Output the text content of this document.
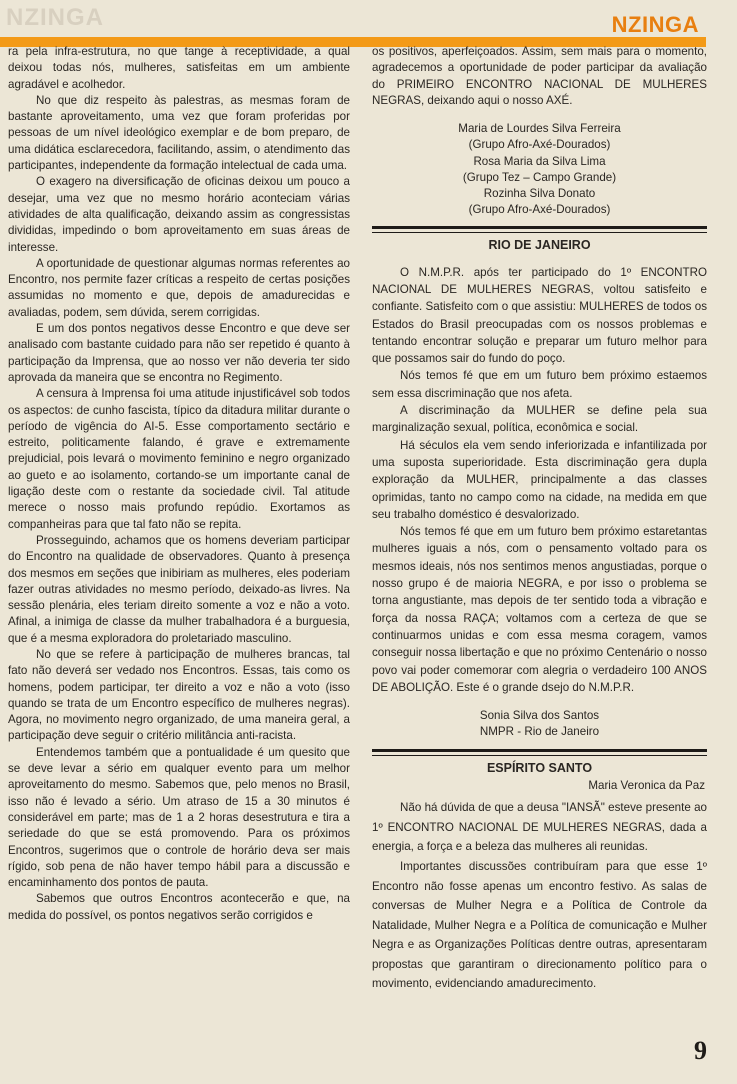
NZINGA	NZINGA

ra pela infra-estrutura, no que tange à receptividade, a qual deixou todas nós, mulheres, satisfeitas em um ambiente agradável e acolhedor.

No que diz respeito às palestras, as mesmas foram de bastante aproveitamento, uma vez que foram proferidas por pessoas de um nível ideológico exemplar e de bom preparo, de uma didática esclarecedora, facilitando, assim, o atendimento das participantes, independente da formação intelectual de cada uma.

O exagero na diversificação de oficinas deixou um pouco a desejar, uma vez que no mesmo horário aconteciam várias atividades de alta qualificação, deixando assim as congressistas divididas, impedindo o bom aproveitamento em suas áreas de interesse.

A oportunidade de questionar algumas normas referentes ao Encontro, nos permite fazer críticas a respeito de certas posições assumidas no momento e que, depois de amadurecidas e avaliadas, podem, sem dúvida, serem corrigidas.

E um dos pontos negativos desse Encontro e que deve ser analisado com bastante cuidado para não ser repetido é quanto à participação da Imprensa, que ao nosso ver não deveria ter sido aprovada da maneira que se encontra no Regimento.

A censura à Imprensa foi uma atitude injustificável sob todos os aspectos: de cunho fascista, típico da ditadura militar durante o período de vigência do AI-5. Esse comportamento sectário e estreito, politicamente falando, é grave e extremamente prejudicial, pois levará o movimento feminino e negro organizado ao gueto e ao isolamento, cortando-se um importante canal de ligação deste com o restante da sociedade civil. Tal atitude merece o nosso mais profundo repúdio. Exortamos as companheiras para que tal fato não se repita.

Prosseguindo, achamos que os homens deveriam participar do Encontro na qualidade de observadores. Quanto à presença dos mesmos em seções que inibiriam as mulheres, eles poderiam fazer outras atividades no mesmo período, deixado-as livres. Na sessão plenária, eles teriam direito somente a voz e não a voto. Afinal, a inimiga de classe da mulher trabalhadora é a burguesia, que é a mesma exploradora do proletariado masculino.

No que se refere à participação de mulheres brancas, tal fato não deverá ser vedado nos Encontros. Essas, tais como os homens, podem participar, ter direito a voz e não a voto (isso quando se trata de um Encontro específico de mulheres negras). Agora, no movimento negro organizado, de uma maneira geral, a participação deve seguir o critério militância anti-racista.

Entendemos também que a pontualidade é um quesito que se deve levar a sério em qualquer evento para um melhor aproveitamento do mesmo. Sabemos que, pelo menos no Brasil, isso não é levado a sério. Um atraso de 15 a 30 minutos é considerável em parte; mas de 1 a 2 horas desestrutura e tira a seriedade do que se está promovendo. Para os próximos Encontros, sugerimos que o controle de horário deva ser mais rígido, sob pena de não haver tempo hábil para a discussão e encaminhamento dos pontos de pauta.

Sabemos que outros Encontros acontecerão e que, na medida do possível, os pontos negativos serão corrigidos e

os positivos, aperfeiçoados. Assim, sem mais para o momento, agradecemos a oportunidade de poder participar da avaliação do PRIMEIRO ENCONTRO NACIONAL DE MULHERES NEGRAS, deixando aqui o nosso AXÉ.

Maria de Lourdes Silva Ferreira
(Grupo Afro-Axé-Dourados)
Rosa Maria da Silva Lima
(Grupo Tez – Campo Grande)
Rozinha Silva Donato
(Grupo Afro-Axé-Dourados)
RIO DE JANEIRO

O N.M.P.R. após ter participado do 1º ENCONTRO NACIONAL DE MULHERES NEGRAS, voltou satisfeito e confiante. Satisfeito com o que assistiu: MULHERES de todos os Estados do Brasil preocupadas com os nossos problemas e tentando encontrar solução e preparar um futuro melhor para que possamos sair do fundo do poço.

Nós temos fé que em um futuro bem próximo estaemos sem essa discriminação que nos afeta.

A discriminação da MULHER se define pela sua marginalização sexual, política, econômica e social.

Há séculos ela vem sendo inferiorizada e infantilizada por uma suposta superioridade. Esta discriminação gera dupla exploração da MULHER, principalmente a das classes oprimidas, tanto no campo como na cidade, na medida em que seu trabalho doméstico é desvalorizado.

Nós temos fé que em um futuro bem próximo estaretantas mulheres iguais a nós, com o pensamento voltado para os mesmos ideais, nós nos sentimos menos angustiadas, porque o nosso grupo é de maioria NEGRA, e por isso o problema se torna angustiante, mas depois de ter sentido toda a vibração e força da nossa RAÇA; voltamos com a certeza de que se continuarmos unidas e com essa mesma coragem, vamos conseguir nossa libertação e que no próximo Centenário o nosso povo vai poder comemorar com alegria o verdadeiro 100 ANOS DE ABOLIÇÃO. Este é o grande dsejo do N.M.P.R.

Sonia Silva dos Santos
NMPR - Rio de Janeiro
ESPÍRITO SANTO
Maria Veronica da Paz

Não há dúvida de que a deusa "IANSÃ" esteve presente ao 1º ENCONTRO NACIONAL DE MULHERES NEGRAS, dada a energia, a força e a beleza das mulheres ali reunidas.

Importantes discussões contribuíram para que esse 1º Encontro não fosse apenas um encontro festivo. As salas de conversas de Mulher Negra e a Política de Controle da Natalidade, Mulher Negra e a Política de comunicação e Mulher Negra e as Organizações Políticas dentre outras, apresentaram propostas que garantiram o direcionamento político para o movimento, evidenciando amadurecimento.

9
